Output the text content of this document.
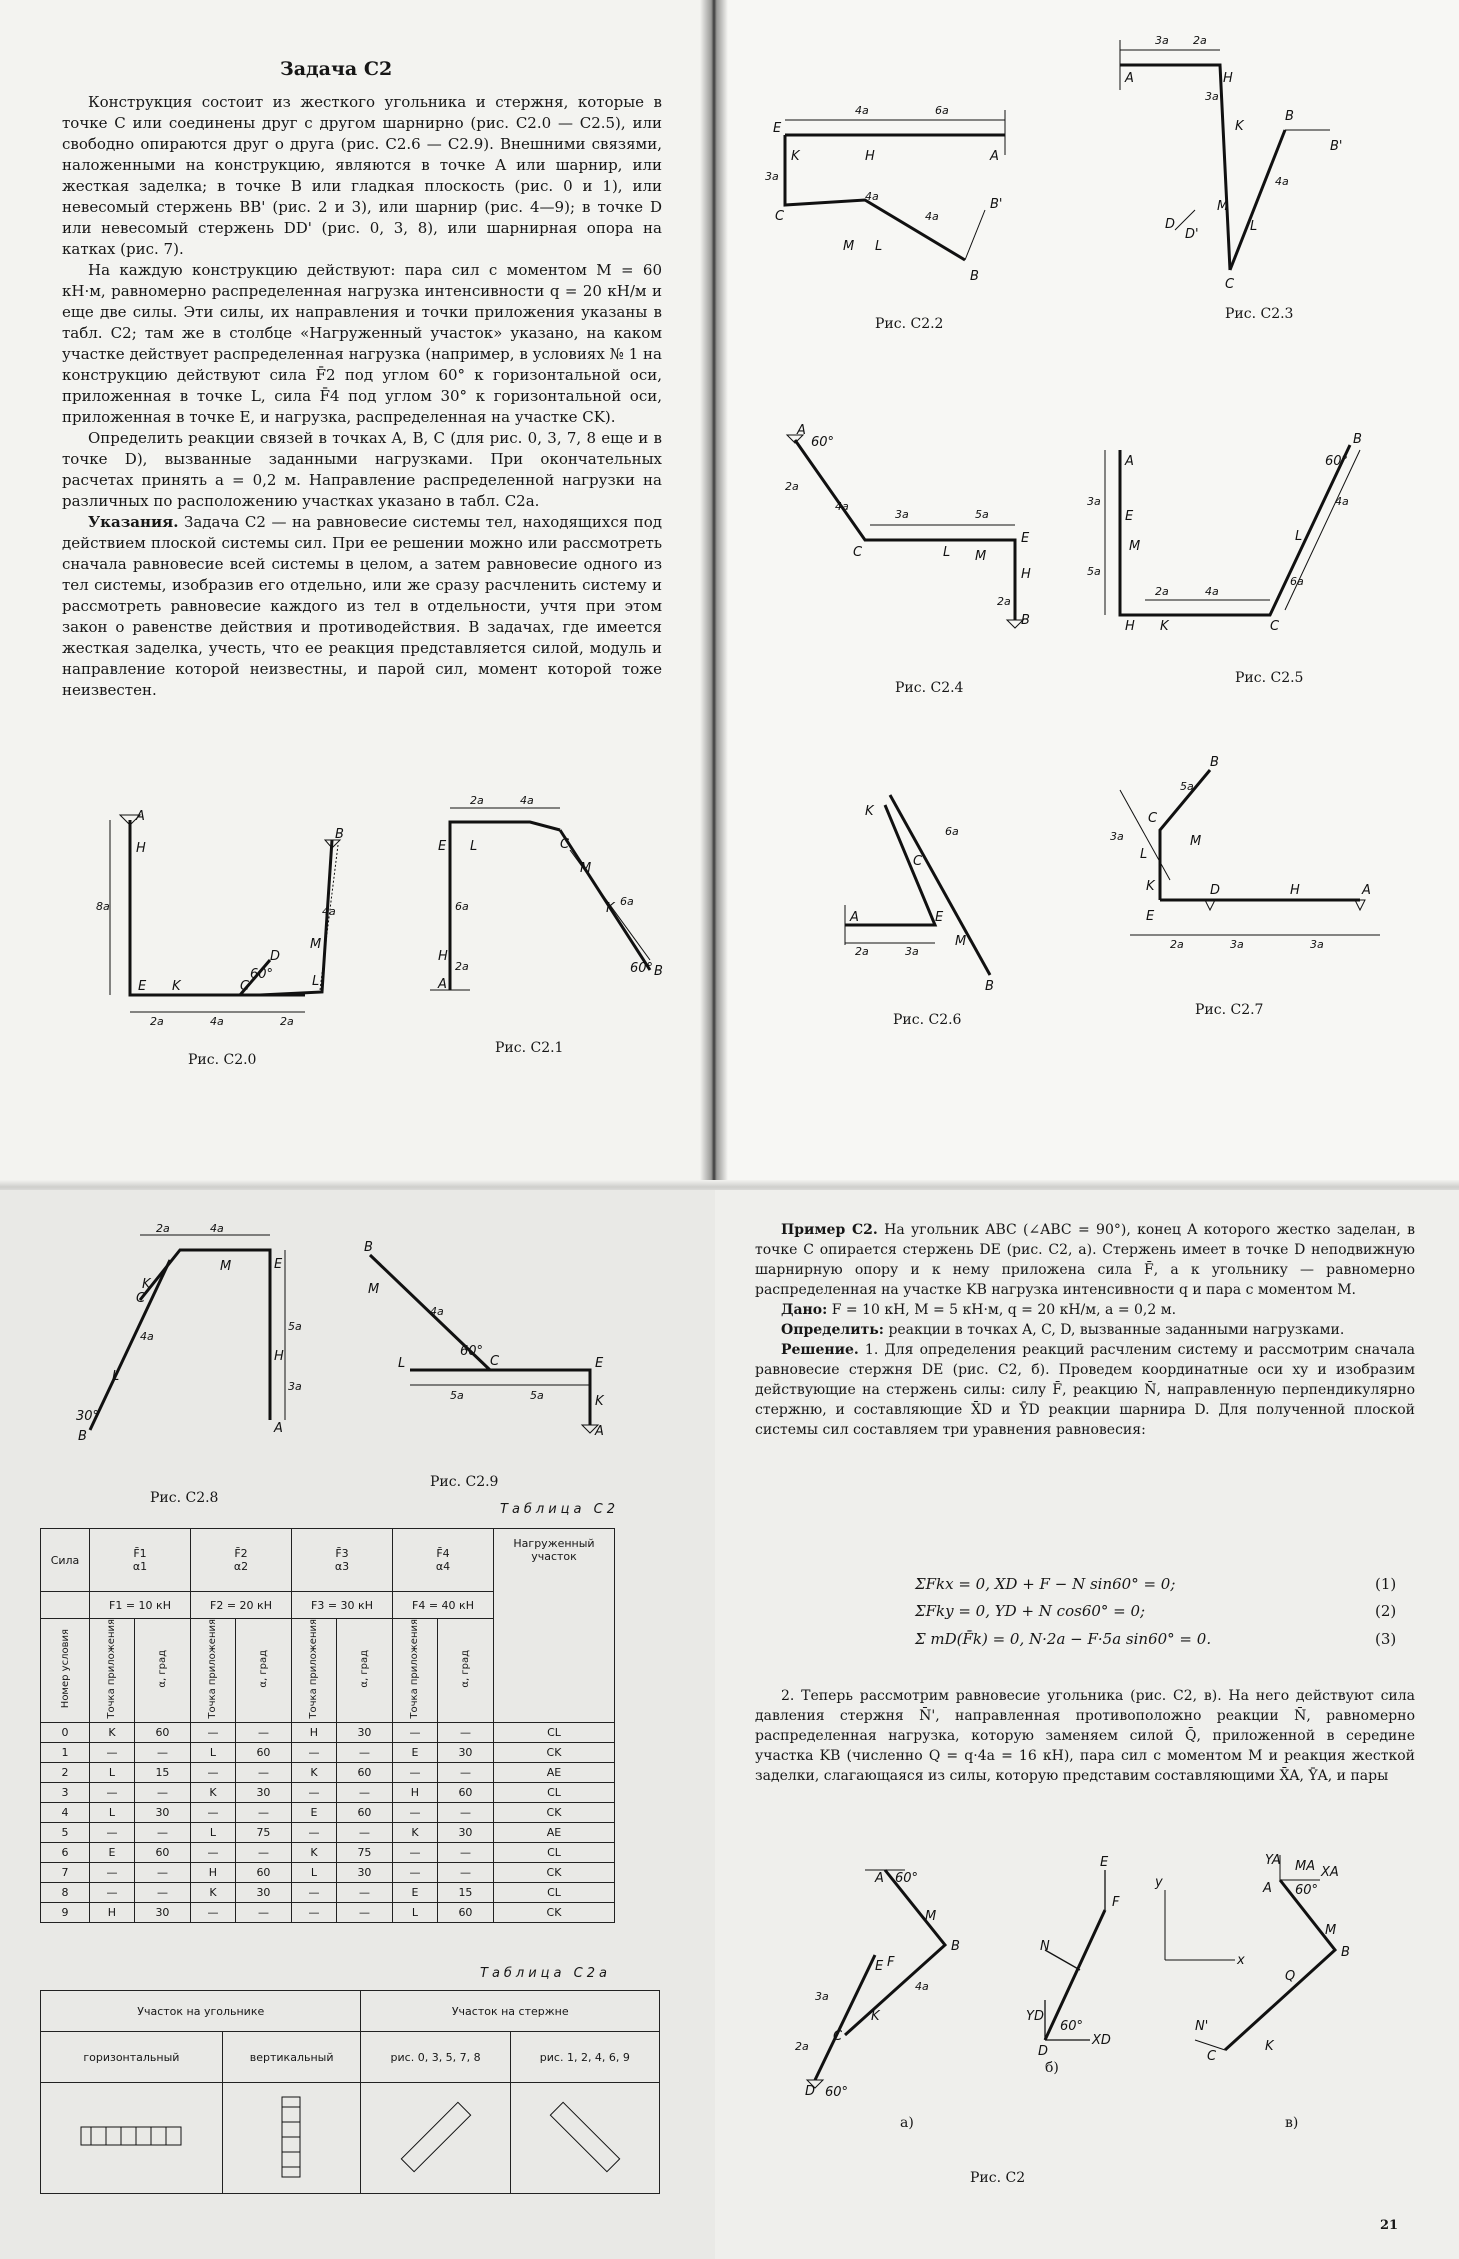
Задача С2

Конструкция состоит из жесткого угольника и стержня, которые в точке C или соединены друг с другом шарнирно (рис. С2.0 — С2.5), или свободно опираются друг о друга (рис. С2.6 — С2.9). Внешними связями, наложенными на конструкцию, являются в точке A или шарнир, или жесткая заделка; в точке B или гладкая плоскость (рис. 0 и 1), или невесомый стержень BB' (рис. 2 и 3), или шарнир (рис. 4—9); в точке D или невесомый стержень DD' (рис. 0, 3, 8), или шарнирная опора на катках (рис. 7).

На каждую конструкцию действуют: пара сил с моментом M = 60 кН·м, равномерно распределенная нагрузка интенсивности q = 20 кН/м и еще две силы. Эти силы, их направления и точки приложения указаны в табл. С2; там же в столбце «Нагруженный участок» указано, на каком участке действует распределенная нагрузка (например, в условиях № 1 на конструкцию действуют сила F̄2 под углом 60° к горизонтальной оси, приложенная в точке L, сила F̄4 под углом 30° к горизонтальной оси, приложенная в точке E, и нагрузка, распределенная на участке CK).

Определить реакции связей в точках A, B, C (для рис. 0, 3, 7, 8 еще и в точке D), вызванные заданными нагрузками. При окончательных расчетах принять a = 0,2 м. Направление распределенной нагрузки на различных по расположению участках указано в табл. С2а.

Указания. Задача С2 — на равновесие системы тел, находящихся под действием плоской системы сил. При ее решении можно или рассмотреть сначала равновесие всей системы в целом, а затем равновесие одного из тел системы, изобразив его отдельно, или же сразу расчленить систему и рассмотреть равновесие каждого из тел в отдельности, учтя при этом закон о равенстве действия и противодействия. В задачах, где имеется жесткая заделка, учесть, что ее реакция представляется силой, модуль и направление которой неизвестны, и парой сил, момент которой тоже неизвестен.

A
H
8a
E K	C
D
60°	L
M
B
2a	4a	2a
4a
Рис. С2.0
E L	C
M
K
B
60°
H
A
2a	4a
6a
2a
6a
Рис. С2.1
E
K	H	A
C
M L
B
B'
4a	6a
3a
4a
4a
Рис. С2.2
A	H
K
B
B'
M
D
D'
C
L
3a 2a
3a
4a
Рис. С2.3
A
60°
C	L M
E
H
B
2a
4a
3a	5a
2a
Рис. С2.4
A
E
M
H K	C
L
B
60°
3a
5a
2a	4a
4a
6a
Рис. С2.5
K
A	E
C
M
B
2a	3a
6a
Рис. С2.6
B
M
L
C
E
D	H	A
K
3a
5a
2a	3a	3a
Рис. С2.7
M
K
C
E
H
A
L
B
30°
2a	4a
5a
3a
4a
Рис. С2.8
B
M
60°
C
L	E
K
A
4a
5a	5a
Рис. С2.9
Таблица С2
Сила	F̄1
α1		F̄2
α2		F̄3
α3		F̄4
α4		Нагруженный участок
	F1 = 10 кН		F2 = 20 кН		F3 = 30 кН		F4 = 40 кН		
Номер условия	Точка приложения	α, град	Точка приложения	α, град	Точка приложения	α, град	Точка приложения	α, град	
0	K	60	—	—	H	30	—	—	CL
1	—	—	L	60	—	—	E	30	CK
2	L	15	—	—	K	60	—	—	AE
3	—	—	K	30	—	—	H	60	CL
4	L	30	—	—	E	60	—	—	CK
5	—	—	L	75	—	—	K	30	AE
6	E	60	—	—	K	75	—	—	CL
7	—	—	H	60	L	30	—	—	CK
8	—	—	K	30	—	—	E	15	CL
9	H	30	—	—	—	—	L	60	CK
Таблица С2а
Участок на угольнике		Участок на стержне	
горизонтальный	вертикальный	рис. 0, 3, 5, 7, 8	рис. 1, 2, 4, 6, 9

Пример С2. На угольник ABC (∠ABC = 90°), конец A которого жестко заделан, в точке C опирается стержень DE (рис. С2, а). Стержень имеет в точке D неподвижную шарнирную опору и к нему приложена сила F̄, а к угольнику — равномерно распределенная на участке KB нагрузка интенсивности q и пара с моментом M.

Дано: F = 10 кН, M = 5 кН·м, q = 20 кН/м, a = 0,2 м.

Определить: реакции в точках A, C, D, вызванные заданными нагрузками.

Решение. 1. Для определения реакций расчленим систему и рассмотрим сначала равновесие стержня DE (рис. С2, б). Проведем координатные оси xy и изобразим действующие на стержень силы: силу F̄, реакцию N̄, направленную перпендикулярно стержню, и составляющие X̄D и ȲD реакции шарнира D. Для полученной плоской системы сил составляем три уравнения равновесия:

ΣFkx = 0, XD + F − N sin60° = 0;	(1)
ΣFky = 0, YD + N cos60° = 0;	(2)
Σ mD(F̄k) = 0, N·2a − F·5a sin60° = 0.	(3)

2. Теперь рассмотрим равновесие угольника (рис. С2, в). На него действуют сила давления стержня N̄', направленная противоположно реакции N̄, равномерно распределенная нагрузка, которую заменяем силой Q̄, приложенной в середине участка KB (численно Q = q·4a = 16 кН), пара сил с моментом M и реакция жесткой заделки, слагающаяся из силы, которую представим составляющими X̄A, ȲA, и пары

A 60°
M
B
E F
K
C
D 60°
3a
2a
4a
а)
E
F
N
YD
60°
XD
D
б)
y
x
YA MA XA
A 60°
M
B
Q
N'
C
K
в)
Рис. С2
21
